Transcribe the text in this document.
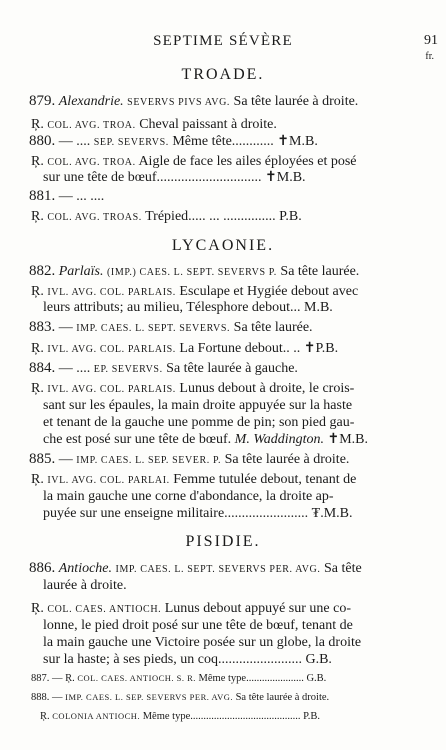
SEPTIME SÉVÈRE	91
fr.
TROADE.
879. Alexandrie. SEVERVS PIVS AVG. Sa tête laurée à droite.
Ŗ. COL. AVG. TROA. Cheval paissant à droite.
880. — .... SEP. SEVERVS. Même tête............ ✝M.B.
Ŗ. COL. AVG. TROA. Aigle de face les ailes éployées et posé
sur une tête de bœuf.............................. ✝M.B.
881. — ... ....
Ŗ. COL. AVG. TROAS. Trépied..... ... ............... P.B.
LYCAONIE.
882. Parlaïs. (IMP.) CAES. L. SEPT. SEVERVS P. Sa tête laurée.
Ŗ. IVL. AVG. COL. PARLAIS. Esculape et Hygiée debout avec
leurs attributs; au milieu, Télesphore debout... M.B.
883. — IMP. CAES. L. SEPT. SEVERVS. Sa tête laurée.
Ŗ. IVL. AVG. COL. PARLAIS. La Fortune debout.. .. ✝P.B.
884. — .... EP. SEVERVS. Sa tête laurée à gauche.
Ŗ. IVL. AVG. COL. PARLAIS. Lunus debout à droite, le crois-
sant sur les épaules, la main droite appuyée sur la haste
et tenant de la gauche une pomme de pin; son pied gau-
che est posé sur une tête de bœuf. M. Waddington. ✝M.B.
885. — IMP. CAES. L. SEP. SEVER. P. Sa tête laurée à droite.
Ŗ. IVL. AVG. COL. PARLAI. Femme tutulée debout, tenant de
la main gauche une corne d'abondance, la droite ap-
puyée sur une enseigne militaire........................ ₮.M.B.
PISIDIE.
886. Antioche. IMP. CAES. L. SEPT. SEVERVS PER. AVG. Sa tête
laurée à droite.
Ŗ. COL. CAES. ANTIOCH. Lunus debout appuyé sur une co-
lonne, le pied droit posé sur une tête de bœuf, tenant de
la main gauche une Victoire posée sur un globe, la droite
sur la haste; à ses pieds, un coq........................ G.B.
887. — Ŗ. COL. CAES. ANTIOCH. S. R. Même type...................... G.B.
888. — IMP. CAES. L. SEP. SEVERVS PER. AVG. Sa tête laurée à droite.
Ŗ. COLONIA ANTIOCH. Même type.......................................... P.B.
